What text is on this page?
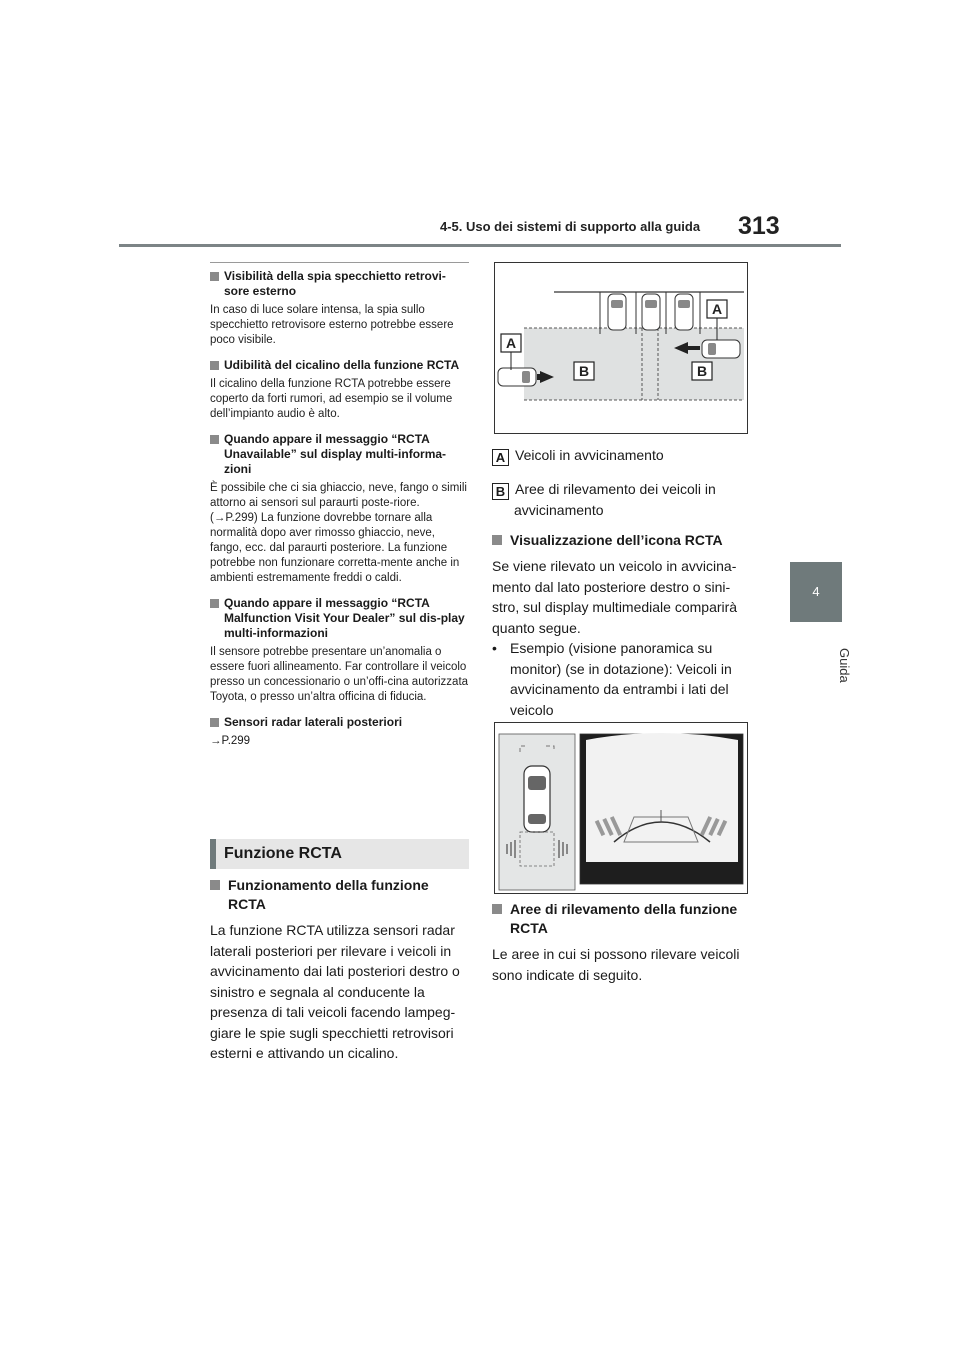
4-5. Uso dei sistemi di supporto alla guida 313
4
Guida

Visibilità della spia specchietto retrovi-sore esterno

In caso di luce solare intensa, la spia sullo specchietto retrovisore esterno potrebbe essere poco visibile.

Udibilità del cicalino della funzione RCTA

Il cicalino della funzione RCTA potrebbe essere coperto da forti rumori, ad esempio se il volume dell’impianto audio è alto.

Quando appare il messaggio “RCTA Unavailable” sul display multi-informa-zioni

È possibile che ci sia ghiaccio, neve, fango o simili attorno ai sensori sul paraurti poste-riore. (→P.299) La funzione dovrebbe tornare alla normalità dopo aver rimosso ghiaccio, neve, fango, ecc. dal paraurti posteriore. La funzione potrebbe non funzionare corretta-mente anche in ambienti estremamente freddi o caldi.

Quando appare il messaggio “RCTA Malfunction Visit Your Dealer” sul dis-play multi-informazioni

Il sensore potrebbe presentare un’anomalia o essere fuori allineamento. Far controllare il veicolo presso un concessionario o un’offi-cina autorizzata Toyota, o presso un’altra officina di fiducia.

Sensori radar laterali posteriori

→P.299

Funzione RCTA

Funzionamento della funzione RCTA

La funzione RCTA utilizza sensori radar laterali posteriori per rilevare i veicoli in avvicinamento dai lati posteriori destro o sinistro e segnala al conducente la presenza di tali veicoli facendo lampeg-giare le spie sugli specchietti retrovisori esterni e attivando un cicalino.

A
A
B	B
A Veicoli in avvicinamento
B Aree di rilevamento dei veicoli in
avvicinamento

Visualizzazione dell’icona RCTA

Se viene rilevato un veicolo in avvicina-mento dal lato posteriore destro o sini-stro, sul display multimediale comparirà quanto segue.

• Esempio (visione panoramica su monitor) (se in dotazione): Veicoli in avvicinamento da entrambi i lati del veicolo

Aree di rilevamento della funzione RCTA

Le aree in cui si possono rilevare veicoli sono indicate di seguito.
